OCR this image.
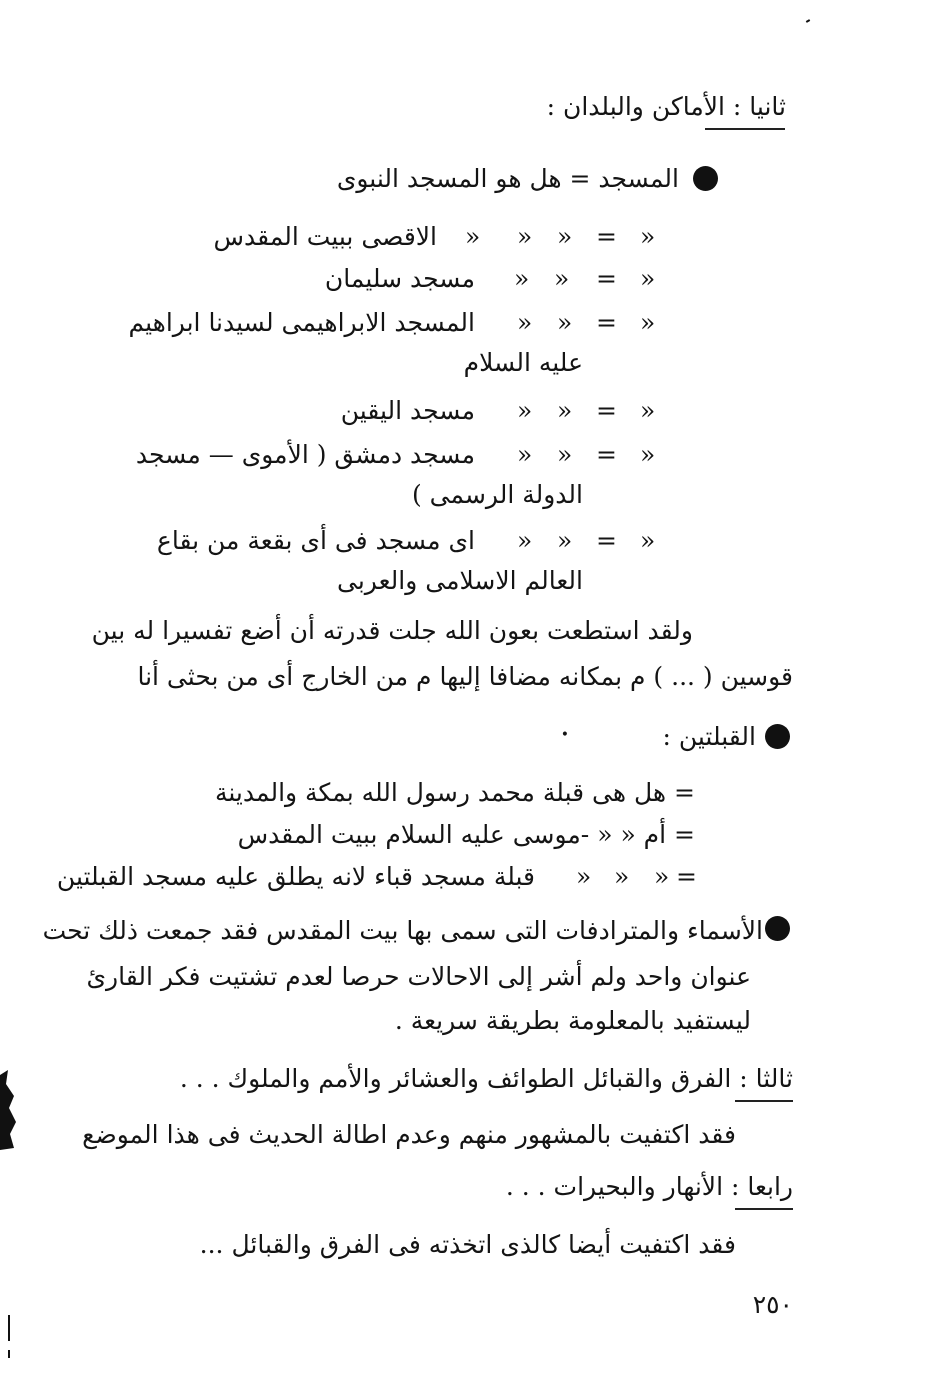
ثانيا : الأماكن والبلدان :
المسجد = هل هو المسجد النبوى
»
=
»
»
»
الاقصى ببيت المقدس
»
=
»
»
مسجد سليمان
»
=
»
»
المسجد الابراهيمى لسيدنا ابراهيم
عليه السلام
»
=
»
»
مسجد اليقين
»
=
»
»
مسجد دمشق ( الأموى — مسجد
الدولة الرسمى )
»
=
»
»
اى مسجد فى أى بقعة من بقاع
العالم الاسلامى والعربى
ولقد استطعت بعون الله جلت قدرته أن أضع تفسيرا له بين
قوسين ( ... ) م بمكانه مضافا إليها م من الخارج أى من بحثى أنا
القبلتين :
•
= هل هى قبلة محمد رسول الله بمكة والمدينة
= أم « « ‑موسى عليه السلام ببيت المقدس
=
»
»
»
قبلة مسجد قباء لانه يطلق عليه مسجد القبلتين
الأسماء والمترادفات التى سمى بها بيت المقدس فقد جمعت ذلك تحت
عنوان واحد ولم أشر إلى الاحالات حرصا لعدم تشتيت فكر القارئ
ليستفيد بالمعلومة بطريقة سريعة .
ثالثا : الفرق والقبائل الطوائف والعشائر والأمم والملوك . . .
فقد اكتفيت بالمشهور منهم وعدم اطالة الحديث فى هذا الموضع
رابعا : الأنهار والبحيرات . . .
فقد اكتفيت أيضا كالذى اتخذته فى الفرق والقبائل ...
٢٥٠
